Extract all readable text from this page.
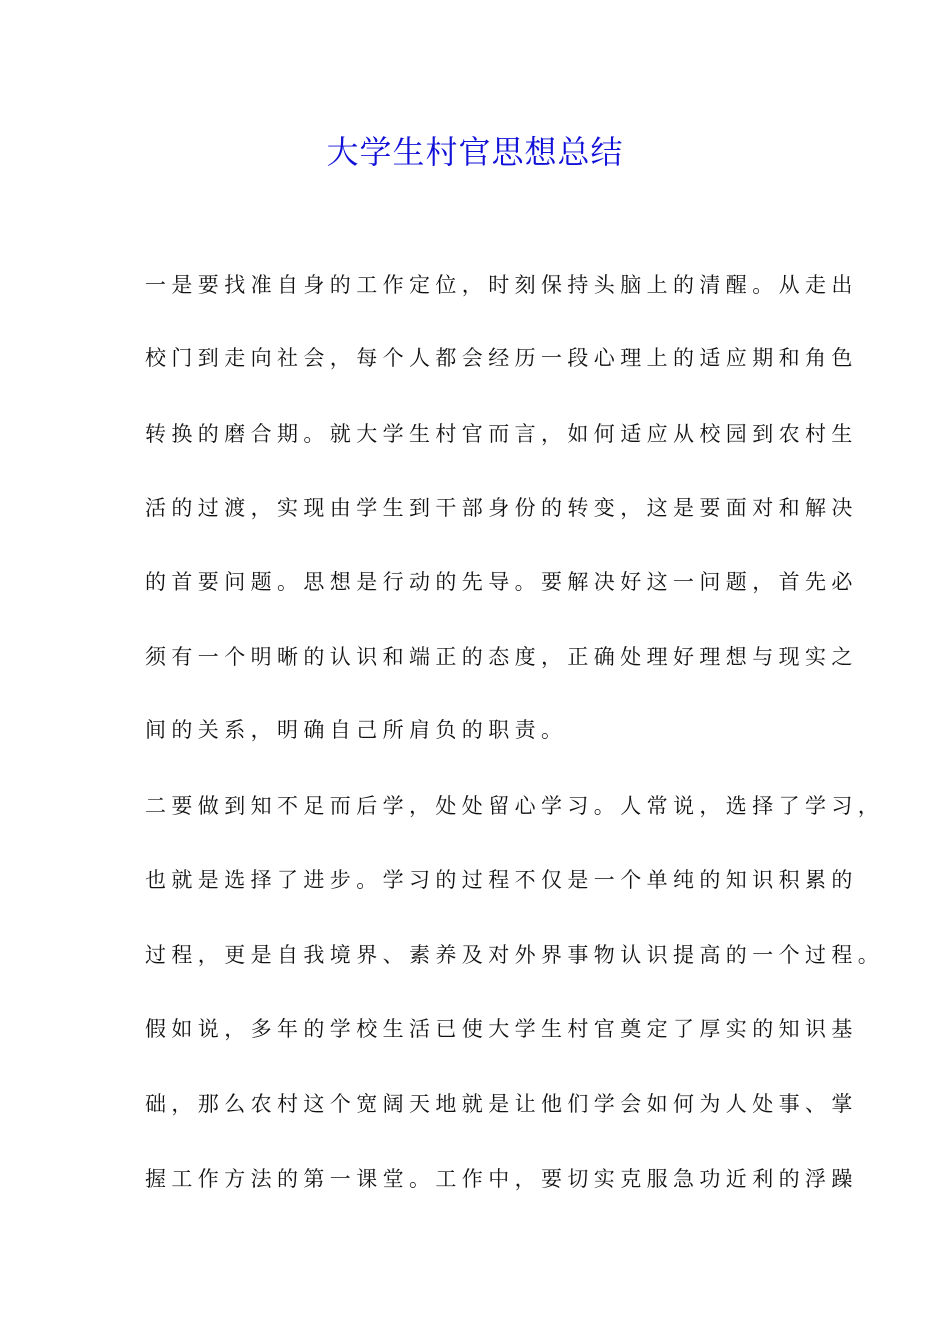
大学生村官思想总结
一是要找准自身的工作定位，时刻保持头脑上的清醒。从走出
校门到走向社会，每个人都会经历一段心理上的适应期和角色
转换的磨合期。就大学生村官而言，如何适应从校园到农村生
活的过渡，实现由学生到干部身份的转变，这是要面对和解决
的首要问题。思想是行动的先导。要解决好这一问题，首先必
须有一个明晰的认识和端正的态度，正确处理好理想与现实之
间的关系，明确自己所肩负的职责。
二要做到知不足而后学，处处留心学习。人常说，选择了学习，
也就是选择了进步。学习的过程不仅是一个单纯的知识积累的
过程，更是自我境界、素养及对外界事物认识提高的一个过程。
假如说，多年的学校生活已使大学生村官奠定了厚实的知识基
础，那么农村这个宽阔天地就是让他们学会如何为人处事、掌
握工作方法的第一课堂。工作中，要切实克服急功近利的浮躁
